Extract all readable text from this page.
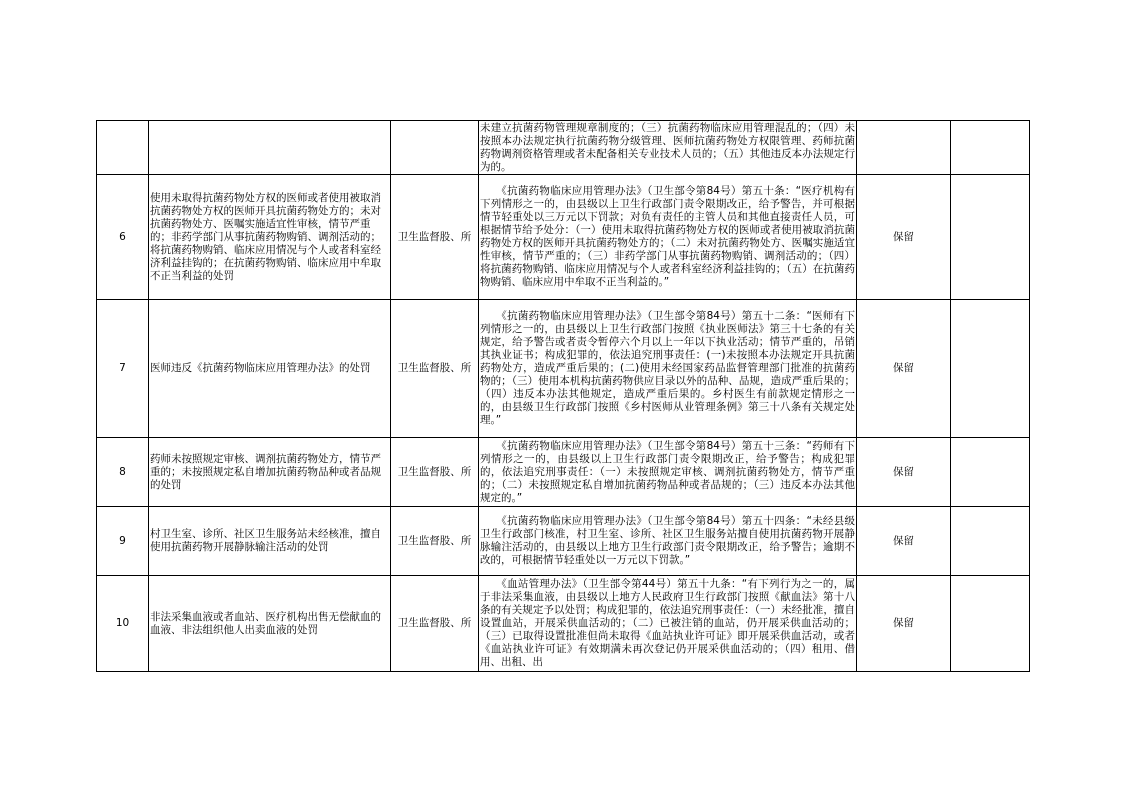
			未建立抗菌药物管理规章制度的；（三）抗菌药物临床应用管理混乱的；（四）未按照本办法规定执行抗菌药物分级管理、医师抗菌药物处方权限管理、药师抗菌药物调剂资格管理或者未配备相关专业技术人员的；（五）其他违反本办法规定行为的。		
6	使用未取得抗菌药物处方权的医师或者使用被取消抗菌药物处方权的医师开具抗菌药物处方的；未对抗菌药物处方、医嘱实施适宜性审核，情节严重的；非药学部门从事抗菌药物购销、调剂活动的；将抗菌药物购销、临床应用情况与个人或者科室经济利益挂钩的；在抗菌药物购销、临床应用中牟取不正当利益的处罚	卫生监督股、所	　　《抗菌药物临床应用管理办法》（卫生部令第84号）第五十条：“医疗机构有下列情形之一的，由县级以上卫生行政部门责令限期改正，给予警告，并可根据情节轻重处以三万元以下罚款；对负有责任的主管人员和其他直接责任人员，可根据情节给予处分：（一）使用未取得抗菌药物处方权的医师或者使用被取消抗菌药物处方权的医师开具抗菌药物处方的；（二）未对抗菌药物处方、医嘱实施适宜性审核，情节严重的；（三）非药学部门从事抗菌药物购销、调剂活动的；（四）将抗菌药物购销、临床应用情况与个人或者科室经济利益挂钩的；（五）在抗菌药物购销、临床应用中牟取不正当利益的。”	保留	
7	医师违反《抗菌药物临床应用管理办法》的处罚	卫生监督股、所	　　《抗菌药物临床应用管理办法》（卫生部令第84号）第五十二条：“医师有下列情形之一的，由县级以上卫生行政部门按照《执业医师法》第三十七条的有关规定，给予警告或者责令暂停六个月以上一年以下执业活动；情节严重的，吊销其执业证书；构成犯罪的，依法追究刑事责任：(一)未按照本办法规定开具抗菌药物处方，造成严重后果的；(二)使用未经国家药品监督管理部门批准的抗菌药物的；（三）使用本机构抗菌药物供应目录以外的品种、品规，造成严重后果的；（四）违反本办法其他规定，造成严重后果的。乡村医生有前款规定情形之一的，由县级卫生行政部门按照《乡村医师从业管理条例》第三十八条有关规定处理。”	保留	
8	药师未按照规定审核、调剂抗菌药物处方，情节严重的；未按照规定私自增加抗菌药物品种或者品规的处罚	卫生监督股、所	　　《抗菌药物临床应用管理办法》（卫生部令第84号）第五十三条：“药师有下列情形之一的，由县级以上卫生行政部门责令限期改正，给予警告；构成犯罪的，依法追究刑事责任：（一）未按照规定审核、调剂抗菌药物处方，情节严重的；（二）未按照规定私自增加抗菌药物品种或者品规的；（三）违反本办法其他规定的。”	保留	
9	村卫生室、诊所、社区卫生服务站未经核准，擅自使用抗菌药物开展静脉输注活动的处罚	卫生监督股、所	　　《抗菌药物临床应用管理办法》（卫生部令第84号）第五十四条：“未经县级卫生行政部门核准，村卫生室、诊所、社区卫生服务站擅自使用抗菌药物开展静脉输注活动的，由县级以上地方卫生行政部门责令限期改正，给予警告；逾期不改的，可根据情节轻重处以一万元以下罚款。”	保留	
10	非法采集血液或者血站、医疗机构出售无偿献血的血液、非法组织他人出卖血液的处罚	卫生监督股、所	　　《血站管理办法》（卫生部令第44号）第五十九条：“有下列行为之一的，属于非法采集血液，由县级以上地方人民政府卫生行政部门按照《献血法》第十八条的有关规定予以处罚；构成犯罪的，依法追究刑事责任：（一）未经批准，擅自设置血站，开展采供血活动的；（二）已被注销的血站，仍开展采供血活动的；（三）已取得设置批准但尚未取得《血站执业许可证》即开展采供血活动，或者《血站执业许可证》有效期满未再次登记仍开展采供血活动的；（四）租用、借用、出租、出	保留	
